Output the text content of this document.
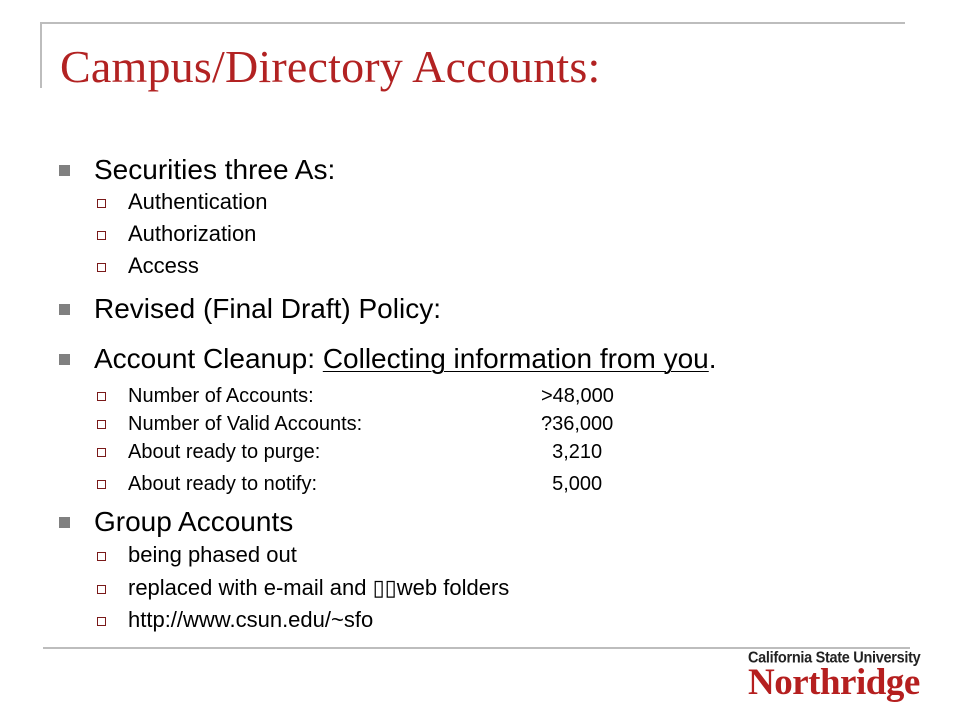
Campus/Directory Accounts:
Securities three As:
Authentication
Authorization
Access
Revised (Final Draft) Policy:
Account Cleanup: Collecting information from you.
Number of Accounts:	>48,000
Number of Valid Accounts:	?36,000
About ready to purge:	3,210
About ready to notify:	5,000
Group Accounts
being phased out
replaced with e-mail and ▯▯web folders
http://www.csun.edu/~sfo
California State University
Northridge
